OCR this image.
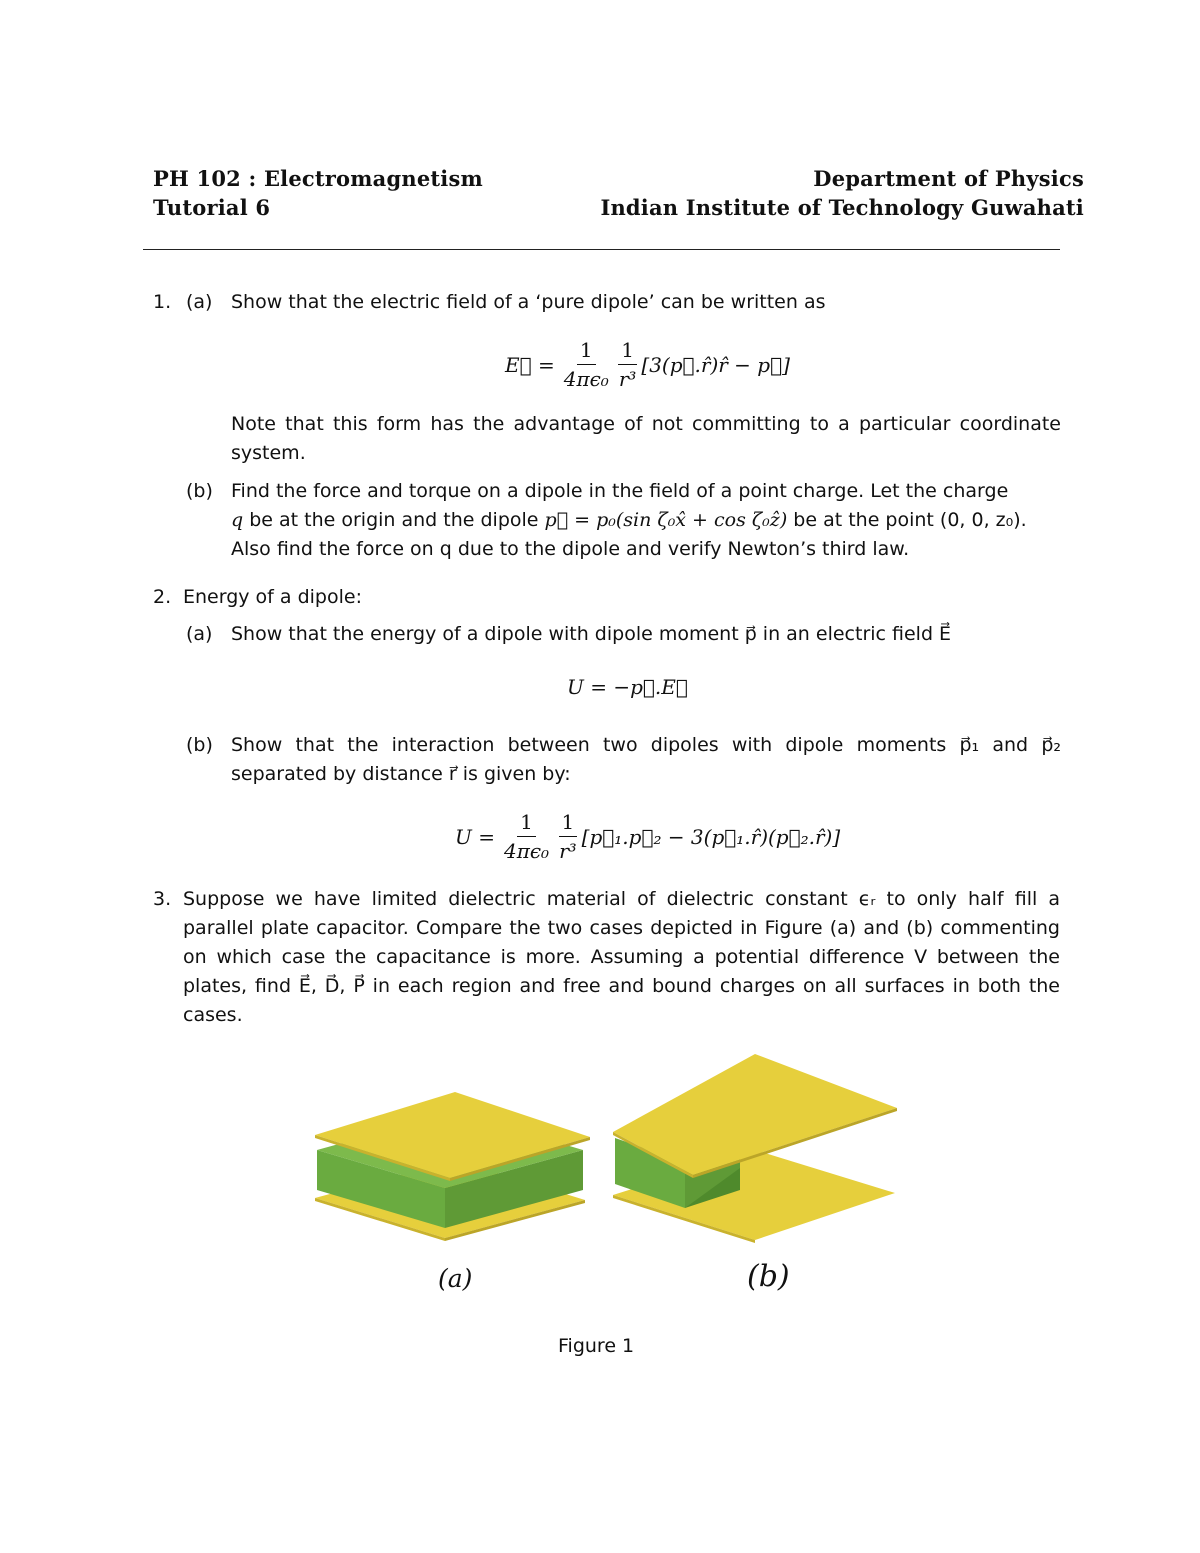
PH 102 : Electromagnetism
Tutorial 6
Department of Physics
Indian Institute of Technology Guwahati
1. (a) Show that the electric field of a ‘pure dipole’ can be written as
E⃗ = $\frac{1}{\text{4πϵ₀}} \frac{1}{\text{r³}}$ [3(p⃗.r̂)r̂ − p⃗]
Note that this form has the advantage of not committing to a particular coordinate system.
(b) Find the force and torque on a dipole in the field of a point charge. Let the charge
q be at the origin and the dipole p⃗ = p₀(sin ζ₀x̂ + cos ζ₀ẑ) be at the point (0, 0, z₀).
Also find the force on q due to the dipole and verify Newton’s third law.
2. Energy of a dipole:
(a) Show that the energy of a dipole with dipole moment p⃗ in an electric field E⃗
U = −p⃗.E⃗
(b) Show that the interaction between two dipoles with dipole moments p⃗₁ and p⃗₂ separated by distance r⃗ is given by:
$U = \frac{1}{\text{4πϵ₀}} \frac{1}{\text{r³}}$ [p⃗₁.p⃗₂ − 3(p⃗₁.r̂)(p⃗₂.r̂)]
3. Suppose we have limited dielectric material of dielectric constant ϵᵣ to only half fill a parallel plate capacitor. Compare the two cases depicted in Figure (a) and (b) commenting on which case the capacitance is more. Assuming a potential difference V between the plates, find E⃗, D⃗, P⃗ in each region and free and bound charges on all surfaces in both the cases.
(a)	(b)
Figure 1
